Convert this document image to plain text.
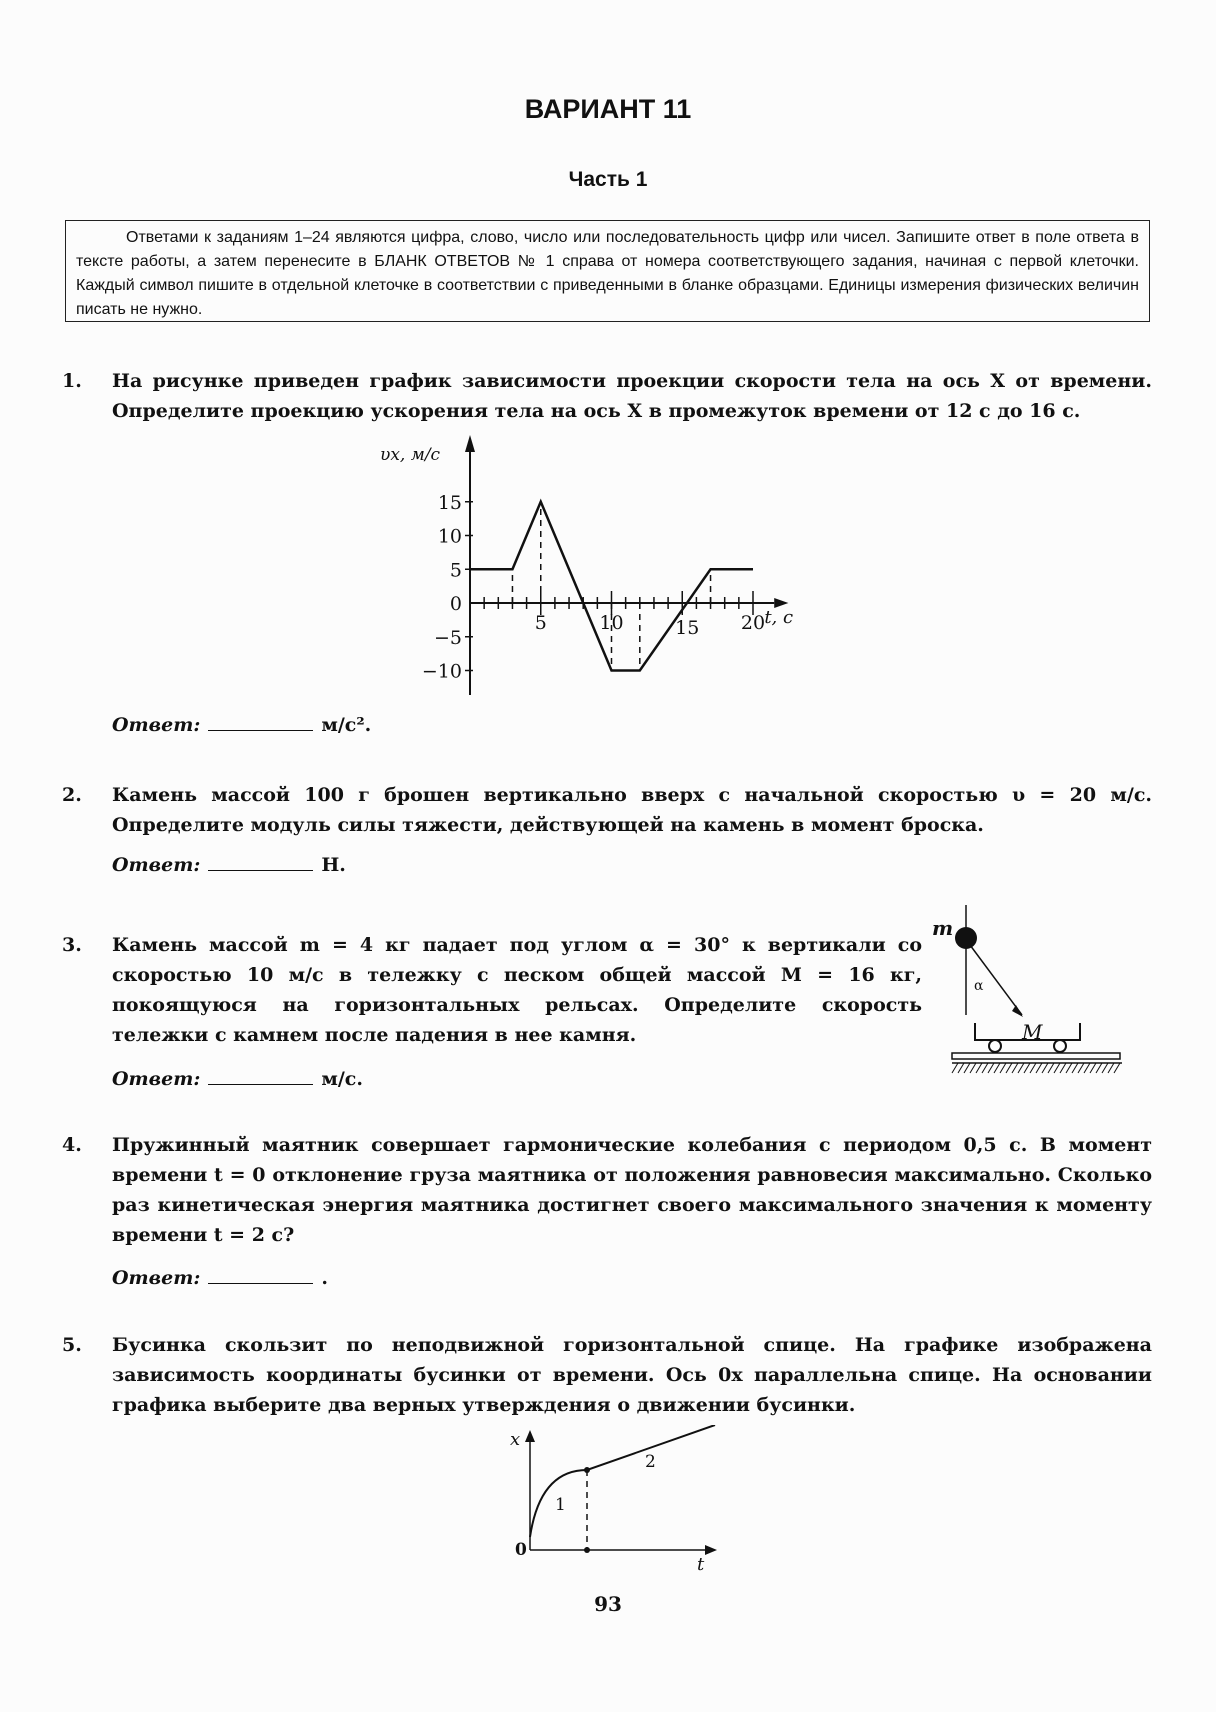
ВАРИАНТ 11
Часть 1
Ответами к заданиям 1–24 являются цифра, слово, число или последовательность цифр или чисел. Запишите ответ в поле ответа в тексте работы, а затем перенесите в БЛАНК ОТВЕТОВ № 1 справа от номера соответствующего задания, начиная с первой клеточки. Каждый символ пишите в отдельной клеточке в соответствии с приведенными в бланке образцами. Единицы измерения физических величин писать не нужно.
1. На рисунке приведен график зависимости проекции скорости тела на ось X от времени. Определите проекцию ускорения тела на ось X в промежуток времени от 12 с до 16 с.
15
10
5
0
−5
−10
5	10	15 20
υx, м/с
t, с
Ответ:	м/с².
2. Камень массой 100 г брошен вертикально вверх с начальной скоростью υ = 20 м/с. Определите модуль силы тяжести, действующей на камень в момент броска.
Ответ:	Н.
3. Камень массой m = 4 кг падает под углом α = 30° к вертикали со скоростью 10 м/с в тележку с песком общей массой M = 16 кг, покоящуюся на горизонтальных рельсах. Определите скорость тележки с камнем после падения в нее камня.
Ответ:	м/с.
m
α
M
4. Пружинный маятник совершает гармонические колебания с периодом 0,5 с. В момент времени t = 0 отклонение груза маятника от положения равновесия максимально. Сколько раз кинетическая энергия маятника достигнет своего максимального значения к моменту времени t = 2 с?
Ответ:	.
5. Бусинка скользит по неподвижной горизонтальной спице. На графике изображена зависимость координаты бусинки от времени. Ось 0x параллельна спице. На основании графика выберите два верных утверждения о движении бусинки.
x
t
0
1
2
93
